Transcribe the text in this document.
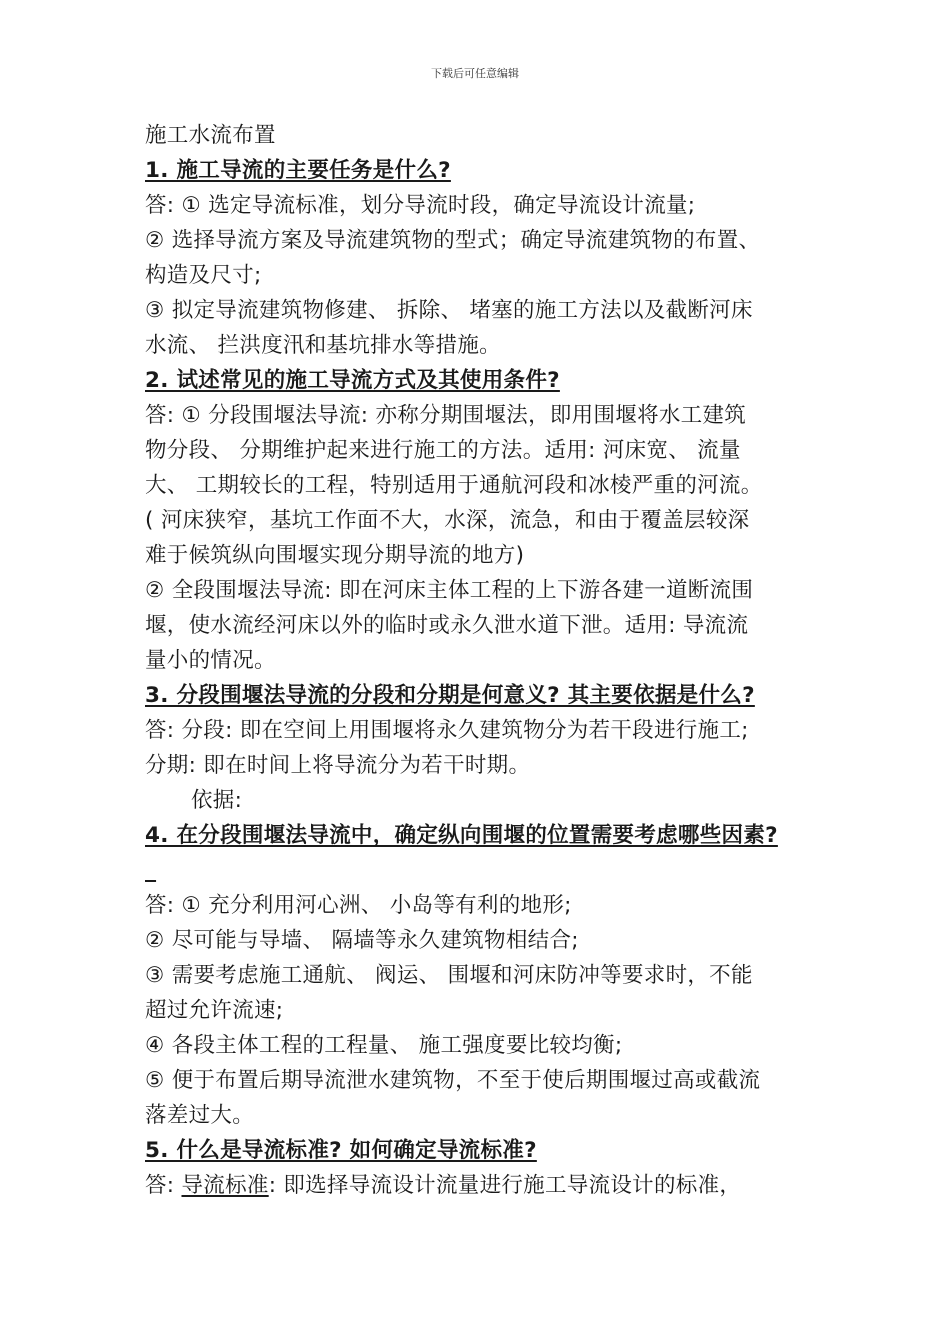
下载后可任意编辑
施工水流布置
1. 施工导流的主要任务是什么?
答: ① 选定导流标准，划分导流时段，确定导流设计流量;
② 选择导流方案及导流建筑物的型式；确定导流建筑物的布置、
构造及尺寸;
③ 拟定导流建筑物修建、 拆除、 堵塞的施工方法以及截断河床
水流、 拦洪度汛和基坑排水等措施。
2. 试述常见的施工导流方式及其使用条件?
答: ① 分段围堰法导流: 亦称分期围堰法，即用围堰将水工建筑
物分段、 分期维护起来进行施工的方法。适用: 河床宽、 流量
大、 工期较长的工程，特别适用于通航河段和冰棱严重的河流。
( 河床狭窄，基坑工作面不大，水深，流急，和由于覆盖层较深
难于候筑纵向围堰实现分期导流的地方)
② 全段围堰法导流: 即在河床主体工程的上下游各建一道断流围
堰，使水流经河床以外的临时或永久泄水道下泄。适用: 导流流
量小的情况。
3. 分段围堰法导流的分段和分期是何意义? 其主要依据是什么?
答: 分段: 即在空间上用围堰将永久建筑物分为若干段进行施工;
分期: 即在时间上将导流分为若干时期。
依据:
4. 在分段围堰法导流中，确定纵向围堰的位置需要考虑哪些因素?
_
答: ① 充分利用河心洲、 小岛等有利的地形;
② 尽可能与导墙、 隔墙等永久建筑物相结合;
③ 需要考虑施工通航、 阀运、 围堰和河床防冲等要求时，不能
超过允许流速;
④ 各段主体工程的工程量、 施工强度要比较均衡;
⑤ 便于布置后期导流泄水建筑物，不至于使后期围堰过高或截流
落差过大。
5. 什么是导流标准? 如何确定导流标准?
答: 导流标准: 即选择导流设计流量进行施工导流设计的标准，
